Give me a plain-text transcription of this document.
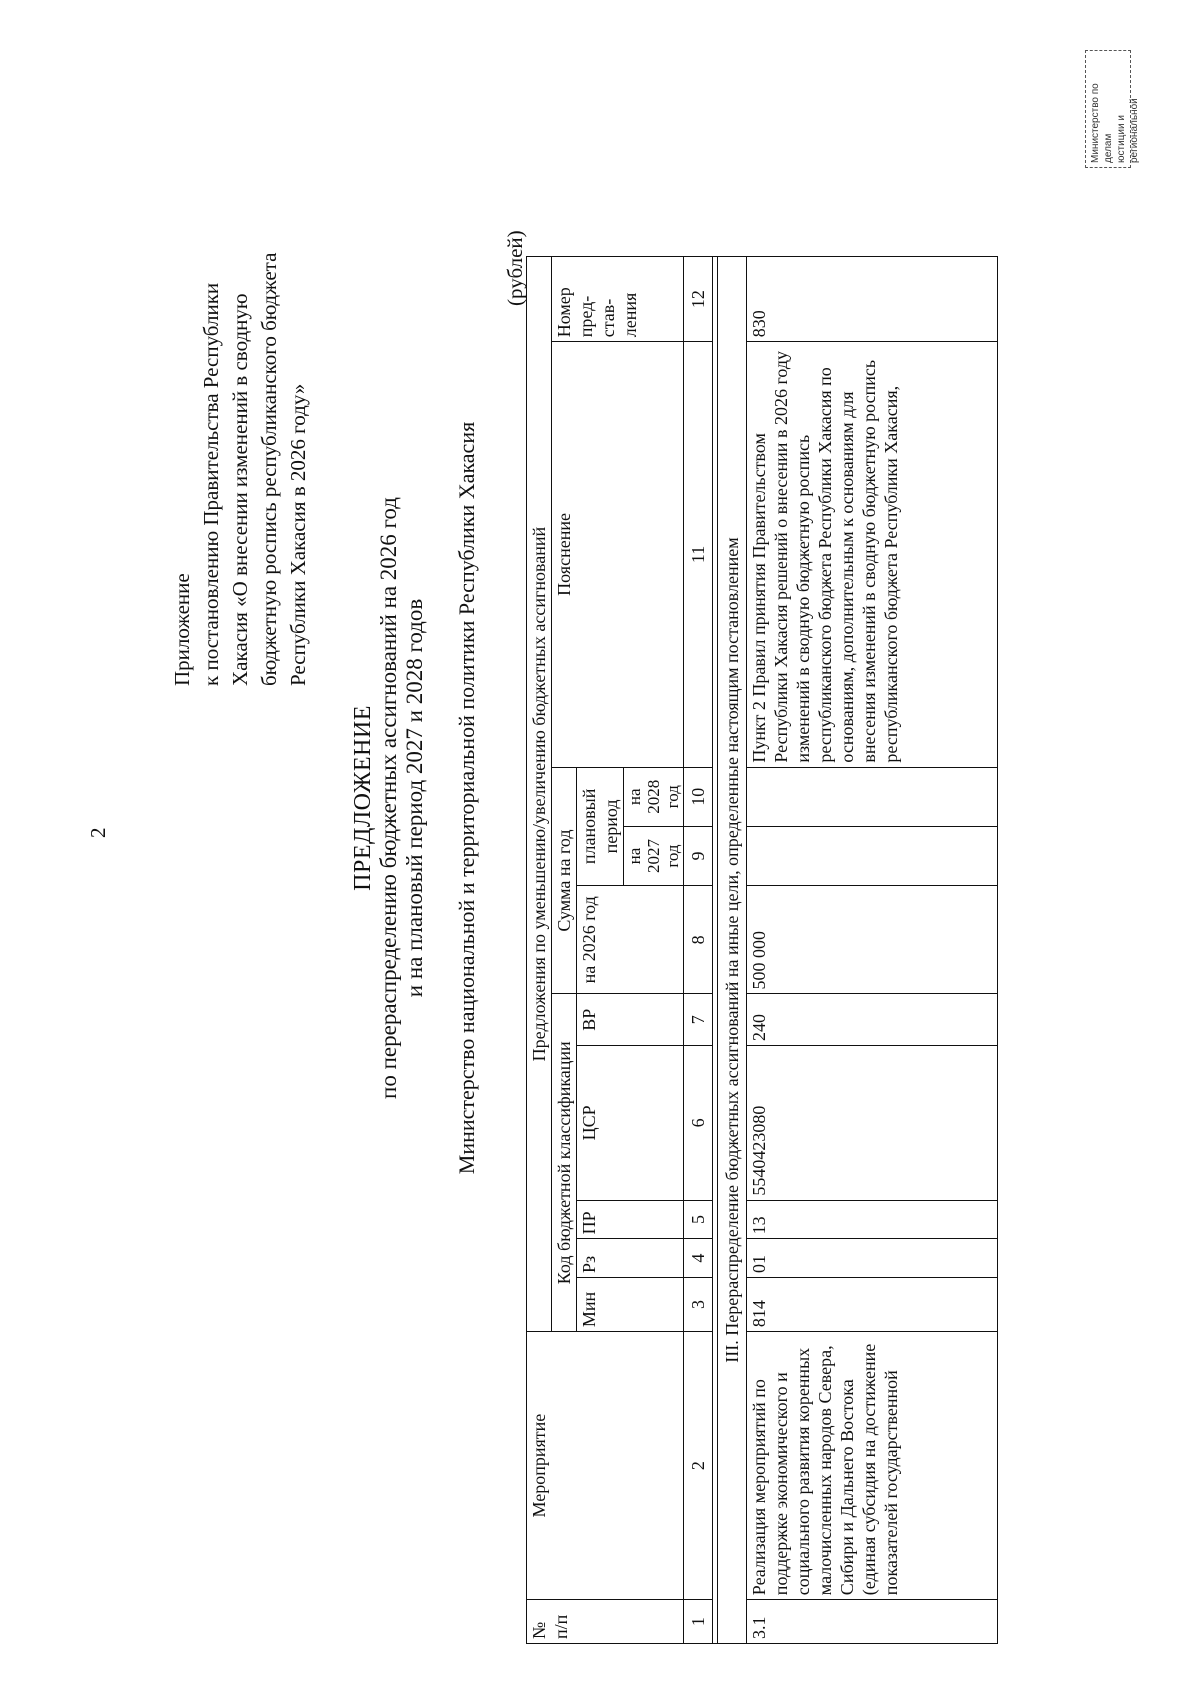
2
Приложение к постановлению Правительства Республики Хакасия «О внесении изменений в сводную бюджетную роспись республиканского бюджета Республики Хакасия в 2026 году»
ПРЕДЛОЖЕНИЕ по перераспределению бюджетных ассигнований на 2026 год и на плановый период 2027 и 2028 годов Министерство национальной и территориальной политики Республики Хакасия
(рублей)
№ п/п	Мероприятие	Предложения по уменьшению/увеличению бюджетных ассигнований									
		Код бюджетной классификации					Сумма на год			Пояснение	Номер пред- став- ления
		Мин	Рз	ПР	ЦСР	ВР	на 2026 год	плановый период			
								на 2027 год	на 2028 год		
1	2	3	4	5	6	7	8	9	10	11	12

III. Перераспределение бюджетных ассигнований на иные цели, определенные настоящим постановлением											
3.1	Реализация мероприятий по поддержке экономического и социального развития коренных малочисленных народов Севера, Сибири и Дальнего Востока (единая субсидия на достижение показателей государственной	814	01	13	5540423080	240	500 000			Пункт 2 Правил принятия Правительством Республики Хакасия решений о внесении в 2026 году изменений в сводную бюджетную роспись республиканского бюджета Республики Хакасия по основаниям, дополнительным к основаниям для внесения изменений в сводную бюджетную роспись республиканского бюджета Республики Хакасия,	830
Министерство по делам юстиции и региональной
